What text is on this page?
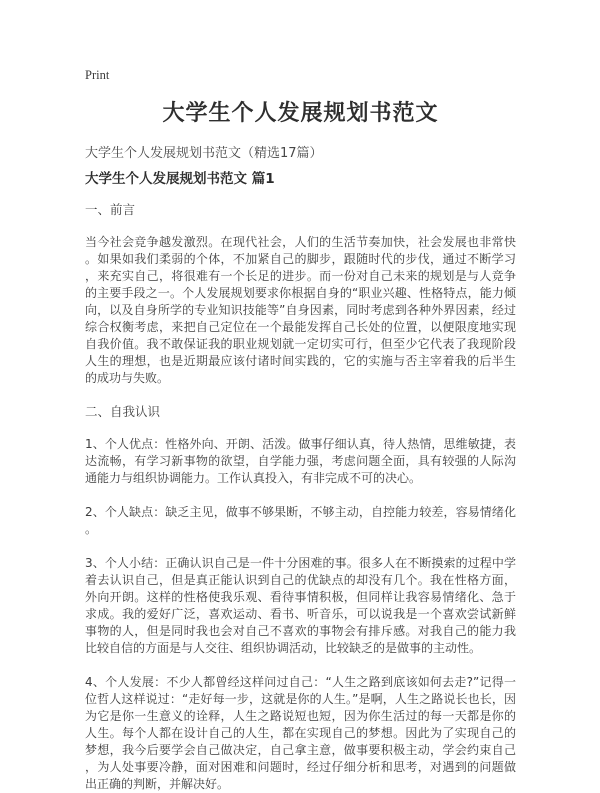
Print
大学生个人发展规划书范文

大学生个人发展规划书范文（精选17篇）

大学生个人发展规划书范文 篇1
一、前言

当今社会竞争越发激烈。在现代社会，人们的生活节奏加快，社会发展也非常快。如果如我们柔弱的个体，不加紧自己的脚步，跟随时代的步伐，通过不断学习，来充实自己，将很难有一个长足的进步。而一份对自己未来的规划是与人竞争的主要手段之一。个人发展规划要求你根据自身的“职业兴趣、性格特点，能力倾向，以及自身所学的专业知识技能等”自身因素，同时考虑到各种外界因素，经过综合权衡考虑，来把自己定位在一个最能发挥自己长处的位置，以便限度地实现自我价值。我不敢保证我的职业规划就一定切实可行，但至少它代表了我现阶段人生的理想，也是近期最应该付诸时间实践的，它的实施与否主宰着我的后半生的成功与失败。

二、自我认识

1、个人优点：性格外向、开朗、活泼。做事仔细认真，待人热情，思维敏捷，表达流畅，有学习新事物的欲望，自学能力强，考虑问题全面，具有较强的人际沟通能力与组织协调能力。工作认真投入，有非完成不可的决心。

2、个人缺点：缺乏主见，做事不够果断，不够主动，自控能力较差，容易情绪化。

3、个人小结：正确认识自己是一件十分困难的事。很多人在不断摸索的过程中学着去认识自己，但是真正能认识到自己的优缺点的却没有几个。我在性格方面，外向开朗。这样的性格使我乐观、看待事情积极，但同样让我容易情绪化、急于求成。我的爱好广泛，喜欢运动、看书、听音乐，可以说我是一个喜欢尝试新鲜事物的人，但是同时我也会对自己不喜欢的事物会有排斥感。对我自己的能力我比较自信的方面是与人交往、组织协调活动，比较缺乏的是做事的主动性。

4、个人发展：不少人都曾经这样问过自己：“人生之路到底该如何去走?”记得一位哲人这样说过：“走好每一步，这就是你的人生。”是啊，人生之路说长也长，因为它是你一生意义的诠释，人生之路说短也短，因为你生活过的每一天都是你的人生。每个人都在设计自己的人生，都在实现自己的梦想。因此为了实现自己的梦想，我今后要学会自己做决定，自己拿主意，做事要积极主动，学会约束自己，为人处事要冷静，面对困难和问题时，经过仔细分析和思考，对遇到的问题做出正确的判断，并解决好。
